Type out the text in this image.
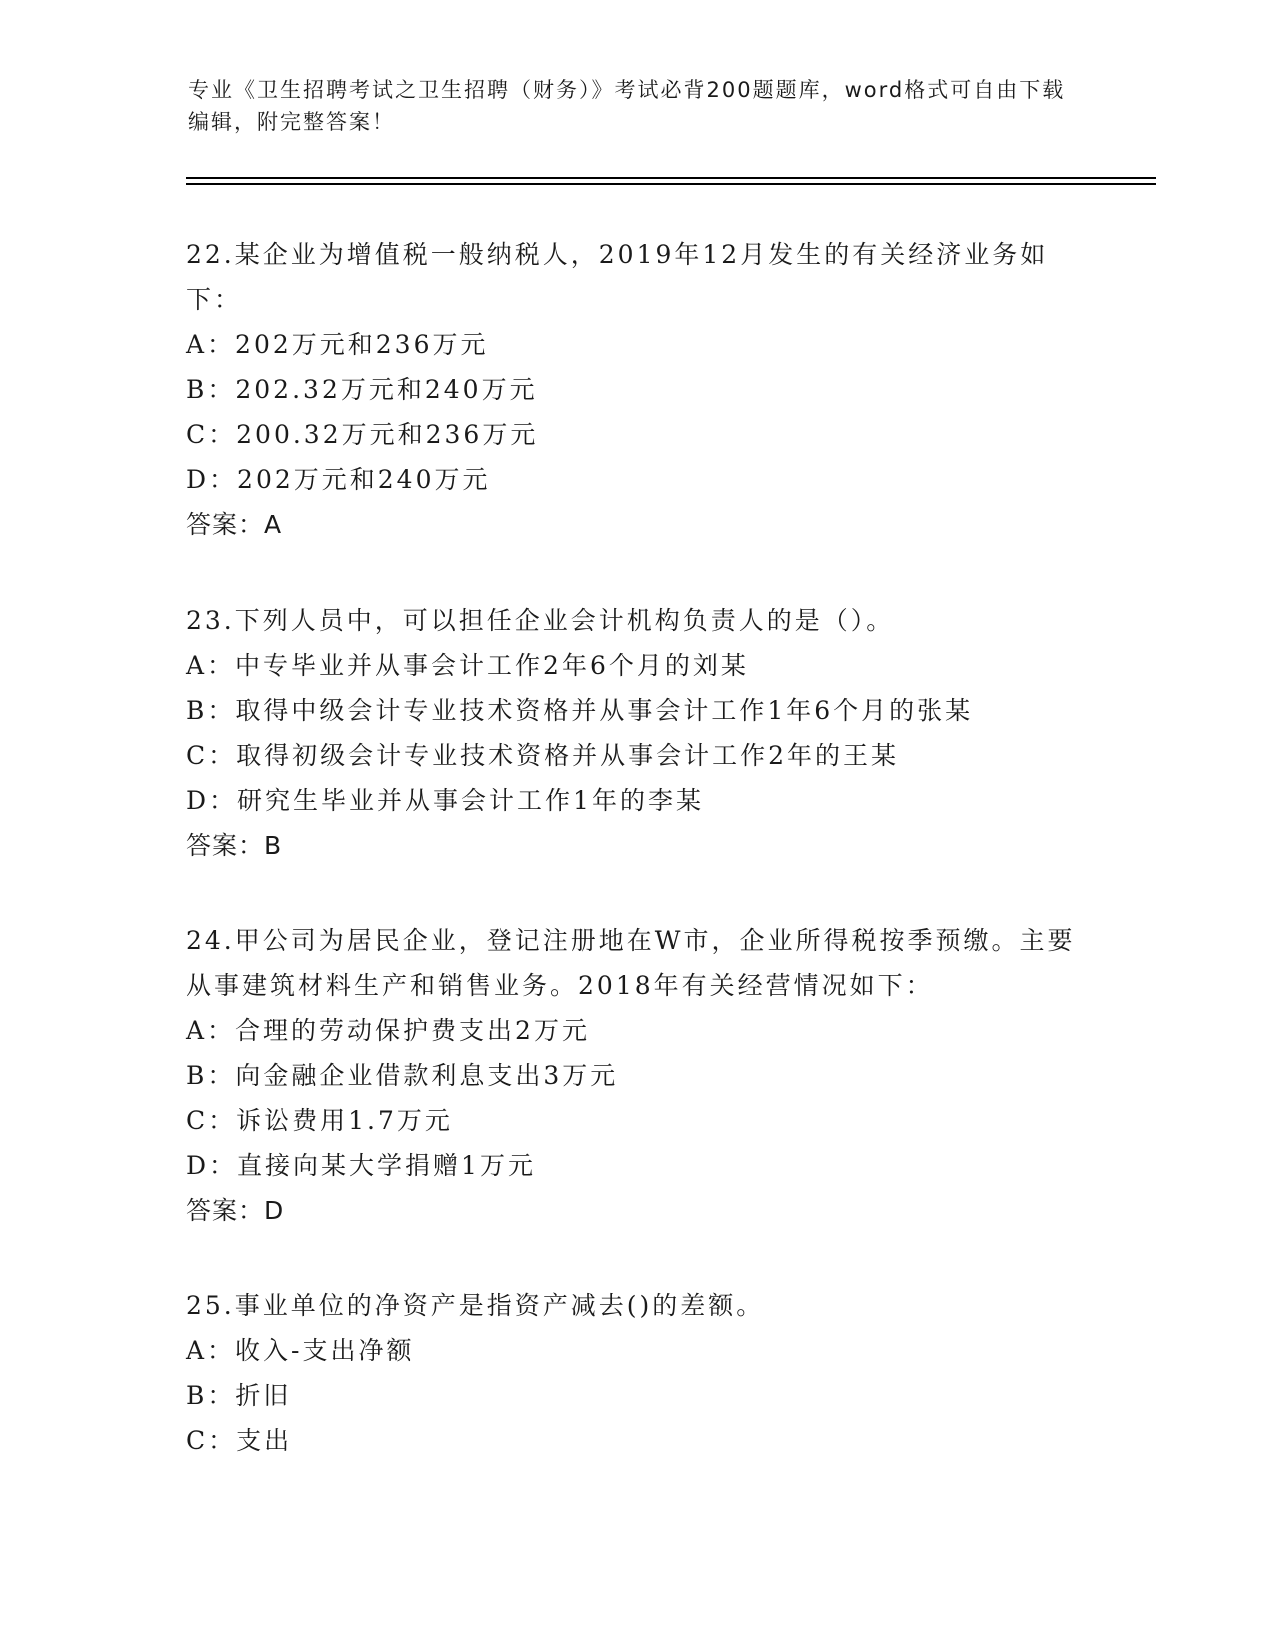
专业《卫生招聘考试之卫生招聘（财务）》考试必背200题题库，word格式可自由下载编辑，附完整答案！
22.某企业为增值税一般纳税人，2019年12月发生的有关经济业务如下：
A：202万元和236万元
B：202.32万元和240万元
C：200.32万元和236万元
D：202万元和240万元
答案：A
23.下列人员中，可以担任企业会计机构负责人的是（）。
A：中专毕业并从事会计工作2年6个月的刘某
B：取得中级会计专业技术资格并从事会计工作1年6个月的张某
C：取得初级会计专业技术资格并从事会计工作2年的王某
D：研究生毕业并从事会计工作1年的李某
答案：B
24.甲公司为居民企业，登记注册地在W市，企业所得税按季预缴。主要从事建筑材料生产和销售业务。2018年有关经营情况如下：
A：合理的劳动保护费支出2万元
B：向金融企业借款利息支出3万元
C：诉讼费用1.7万元
D：直接向某大学捐赠1万元
答案：D
25.事业单位的净资产是指资产减去()的差额。
A：收入-支出净额
B：折旧
C：支出
